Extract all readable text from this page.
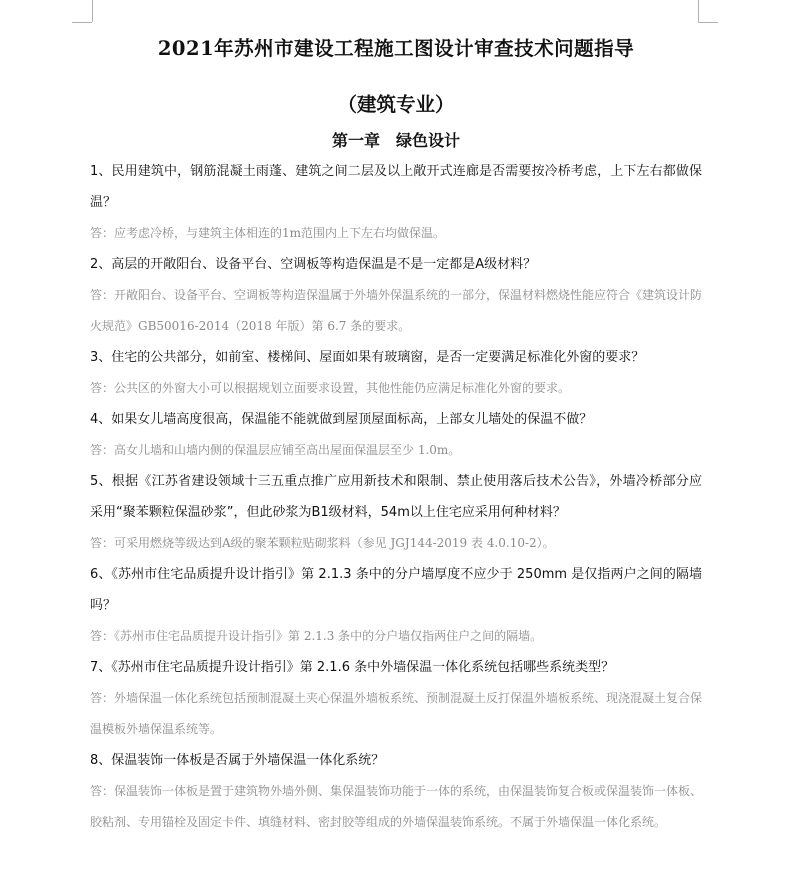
2021年苏州市建设工程施工图设计审查技术问题指导
（建筑专业）
第一章　绿色设计

1、民用建筑中，钢筋混凝土雨蓬、建筑之间二层及以上敞开式连廊是否需要按冷桥考虑，上下左右都做保温？

答：应考虑冷桥，与建筑主体相连的1m范围内上下左右均做保温。

2、高层的开敞阳台、设备平台、空调板等构造保温是不是一定都是A级材料？

答：开敞阳台、设备平台、空调板等构造保温属于外墙外保温系统的一部分，保温材料燃烧性能应符合《建筑设计防火规范》GB50016-2014（2018 年版）第 6.7 条的要求。

3、住宅的公共部分，如前室、楼梯间、屋面如果有玻璃窗，是否一定要满足标准化外窗的要求？

答：公共区的外窗大小可以根据规划立面要求设置，其他性能仍应满足标准化外窗的要求。

4、如果女儿墙高度很高，保温能不能就做到屋顶屋面标高，上部女儿墙处的保温不做？

答：高女儿墙和山墙内侧的保温层应铺至高出屋面保温层至少 1.0m。

5、根据《江苏省建设领域十三五重点推广应用新技术和限制、禁止使用落后技术公告》，外墙冷桥部分应采用“聚苯颗粒保温砂浆”，但此砂浆为B1级材料，54m以上住宅应采用何种材料？

答：可采用燃烧等级达到A级的聚苯颗粒贴砌浆料（参见 JGJ144-2019 表 4.0.10-2）。

6、《苏州市住宅品质提升设计指引》第 2.1.3 条中的分户墙厚度不应少于 250mm 是仅指两户之间的隔墙吗？

答：《苏州市住宅品质提升设计指引》第 2.1.3 条中的分户墙仅指两住户之间的隔墙。

7、《苏州市住宅品质提升设计指引》第 2.1.6 条中外墙保温一体化系统包括哪些系统类型？

答：外墙保温一体化系统包括预制混凝土夹心保温外墙板系统、预制混凝土反打保温外墙板系统、现浇混凝土复合保温模板外墙保温系统等。

8、保温装饰一体板是否属于外墙保温一体化系统？

答：保温装饰一体板是置于建筑物外墙外侧、集保温装饰功能于一体的系统，由保温装饰复合板或保温装饰一体板、胶粘剂、专用锚栓及固定卡件、填缝材料、密封胶等组成的外墙保温装饰系统。不属于外墙保温一体化系统。
